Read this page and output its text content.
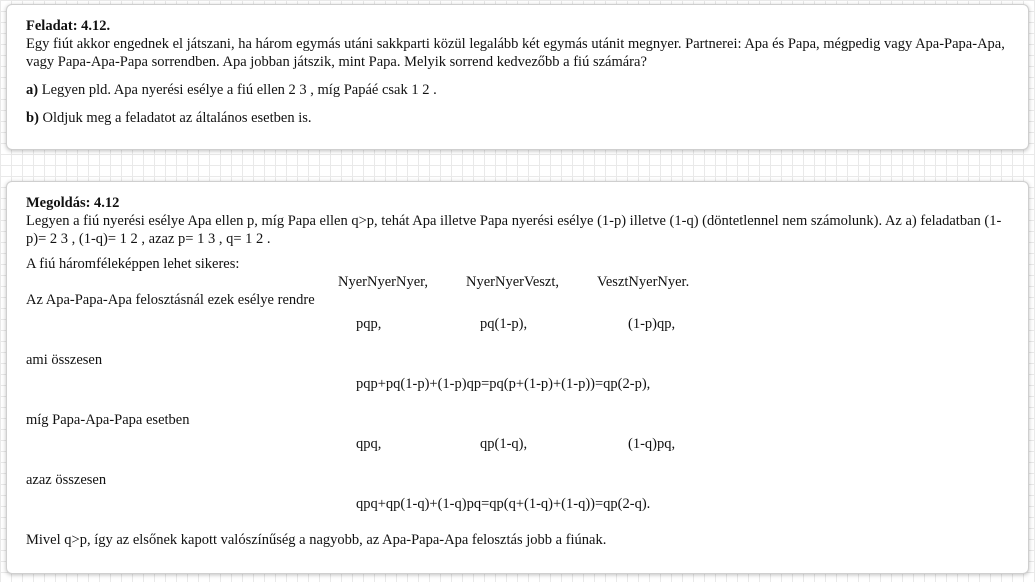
Feladat: 4.12.

Egy fiút akkor engednek el játszani, ha három egymás utáni sakkparti közül legalább két egymás utánit megnyer. Partnerei: Apa és Papa, mégpedig vagy Apa-Papa-Apa, vagy Papa-Apa-Papa sorrendben. Apa jobban játszik, mint Papa. Melyik sorrend kedvezőbb a fiú számára?

a) Legyen pld. Apa nyerési esélye a fiú ellen 2 3 , míg Papáé csak 1 2 .

b) Oldjuk meg a feladatot az általános esetben is.

Megoldás: 4.12

Legyen a fiú nyerési esélye Apa ellen p, míg Papa ellen q>p, tehát Apa illetve Papa nyerési esélye (1-p) illetve (1-q) (döntetlennel nem számolunk). Az a) feladatban (1-p)= 2 3 , (1-q)= 1 2 , azaz p= 1 3 , q= 1 2 .

A fiú háromféleképpen lehet sikeres:
NyerNyerNyer,	NyerNyerVeszt,	VesztNyerNyer.
Az Apa-Papa-Apa felosztásnál ezek esélye rendre
pqp,	pq(1-p),	(1-p)qp,
ami összesen
pqp+pq(1-p)+(1-p)qp=pq(p+(1-p)+(1-p))=qp(2-p),
míg Papa-Apa-Papa esetben
qpq,	qp(1-q),	(1-q)pq,
azaz összesen
qpq+qp(1-q)+(1-q)pq=qp(q+(1-q)+(1-q))=qp(2-q).
Mivel q>p, így az elsőnek kapott valószínűség a nagyobb, az Apa-Papa-Apa felosztás jobb a fiúnak.
